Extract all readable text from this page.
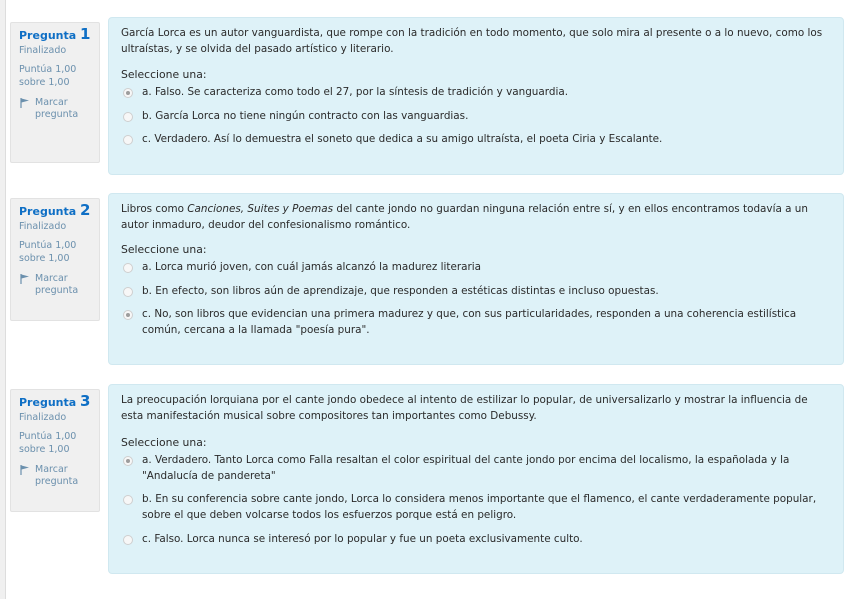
Pregunta 1
Finalizado
Puntúa 1,00 sobre 1,00
Marcar pregunta
García Lorca es un autor vanguardista, que rompe con la tradición en todo momento, que solo mira al presente o a lo nuevo, como los ultraístas, y se olvida del pasado artístico y literario.
Seleccione una:
a. Falso. Se caracteriza como todo el 27, por la síntesis de tradición y vanguardia.
b. García Lorca no tiene ningún contracto con las vanguardias.
c. Verdadero. Así lo demuestra el soneto que dedica a su amigo ultraísta, el poeta Ciria y Escalante.
Pregunta 2
Finalizado
Puntúa 1,00 sobre 1,00
Marcar pregunta
Libros como Canciones, Suites y Poemas del cante jondo no guardan ninguna relación entre sí, y en ellos encontramos todavía a un autor inmaduro, deudor del confesionalismo romántico.
Seleccione una:
a. Lorca murió joven, con cuál jamás alcanzó la madurez literaria
b. En efecto, son libros aún de aprendizaje, que responden a estéticas distintas e incluso opuestas.
c. No, son libros que evidencian una primera madurez y que, con sus particularidades, responden a una coherencia estilística común, cercana a la llamada "poesía pura".
Pregunta 3
Finalizado
Puntúa 1,00 sobre 1,00
Marcar pregunta
La preocupación lorquiana por el cante jondo obedece al intento de estilizar lo popular, de universalizarlo y mostrar la influencia de esta manifestación musical sobre compositores tan importantes como Debussy.
Seleccione una:
a. Verdadero. Tanto Lorca como Falla resaltan el color espiritual del cante jondo por encima del localismo, la españolada y la "Andalucía de pandereta"
b. En su conferencia sobre cante jondo, Lorca lo considera menos importante que el flamenco, el cante verdaderamente popular, sobre el que deben volcarse todos los esfuerzos porque está en peligro.
c. Falso. Lorca nunca se interesó por lo popular y fue un poeta exclusivamente culto.
